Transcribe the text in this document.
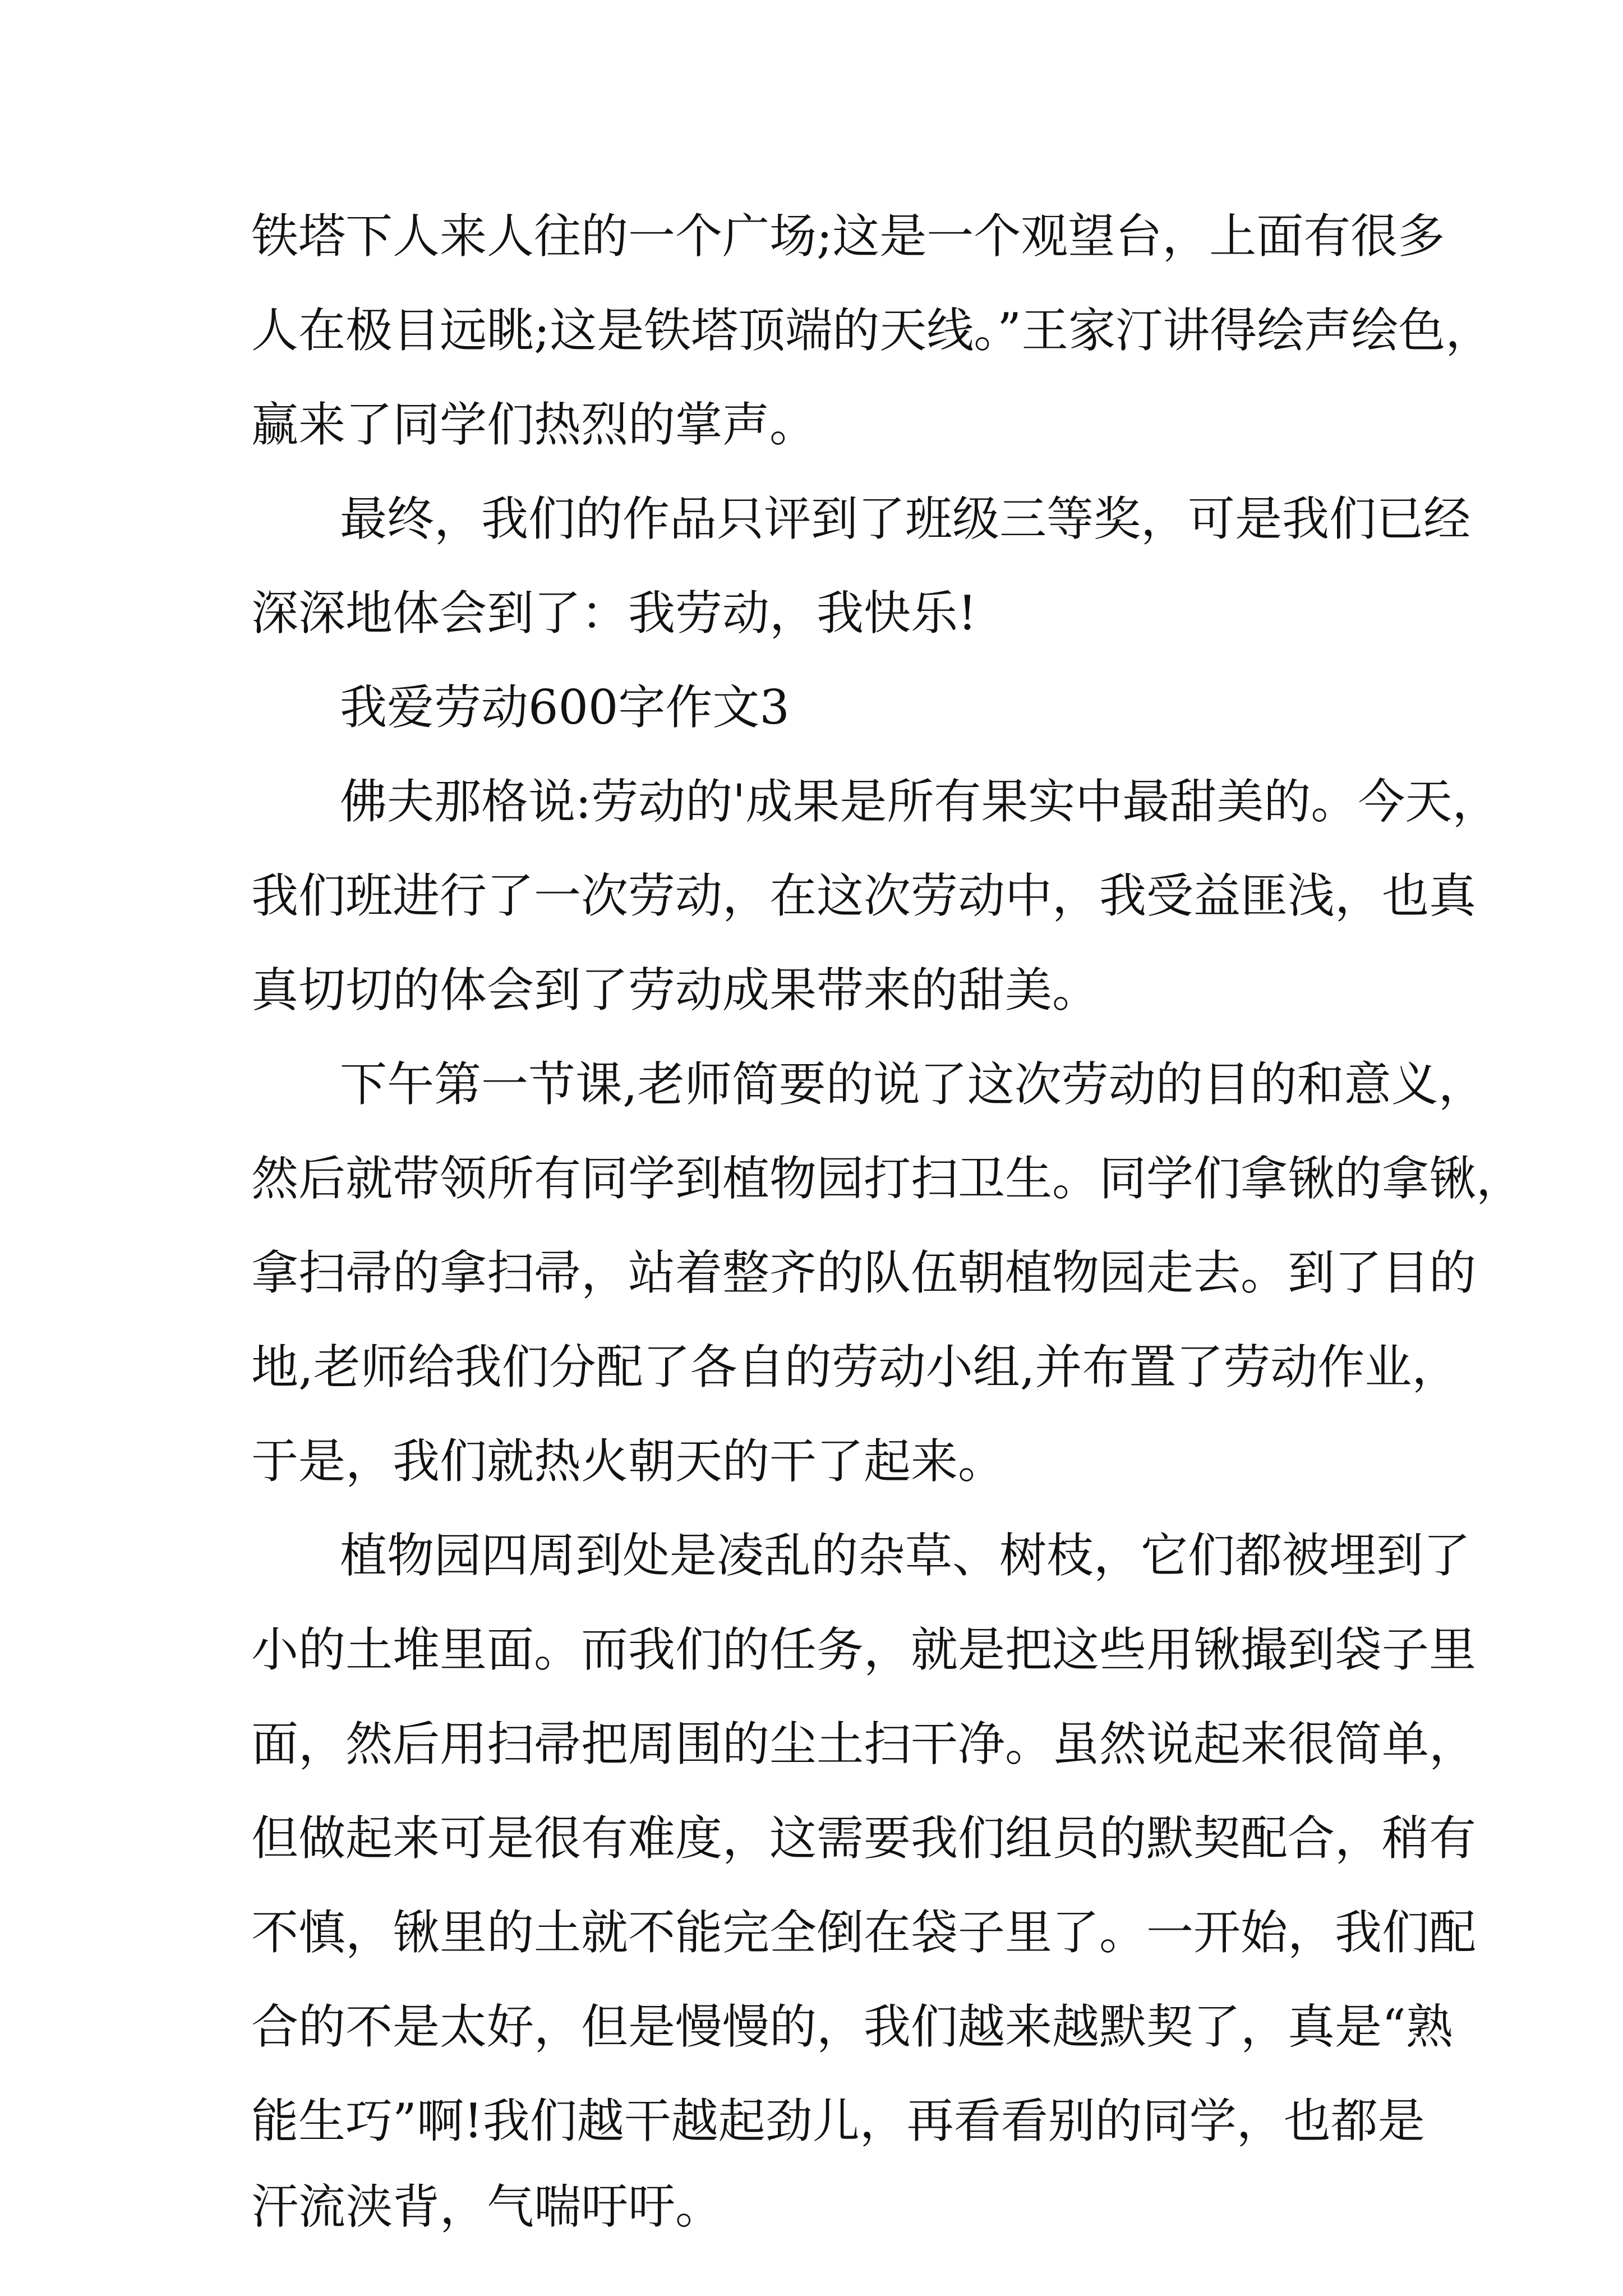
铁塔下人来人往的一个广场;这是一个观望台，上面有很多
人在极目远眺;这是铁塔顶端的天线。”王家汀讲得绘声绘色，
赢来了同学们热烈的掌声。
最终，我们的作品只评到了班级三等奖，可是我们已经
深深地体会到了：我劳动，我快乐!
我爱劳动600字作文3
佛夫那格说:劳动的'成果是所有果实中最甜美的。今天，
我们班进行了一次劳动，在这次劳动中，我受益匪浅，也真
真切切的体会到了劳动成果带来的甜美。
下午第一节课,老师简要的说了这次劳动的目的和意义，
然后就带领所有同学到植物园打扫卫生。同学们拿锹的拿锹，
拿扫帚的拿扫帚，站着整齐的队伍朝植物园走去。到了目的
地,老师给我们分配了各自的劳动小组,并布置了劳动作业，
于是，我们就热火朝天的干了起来。
植物园四周到处是凌乱的杂草、树枝，它们都被埋到了
小的土堆里面。而我们的任务，就是把这些用锹撮到袋子里
面，然后用扫帚把周围的尘土扫干净。虽然说起来很简单，
但做起来可是很有难度，这需要我们组员的默契配合，稍有
不慎，锹里的土就不能完全倒在袋子里了。一开始，我们配
合的不是太好，但是慢慢的，我们越来越默契了，真是“熟
能生巧”啊!我们越干越起劲儿，再看看别的同学，也都是
汗流浃背，气喘吁吁。
